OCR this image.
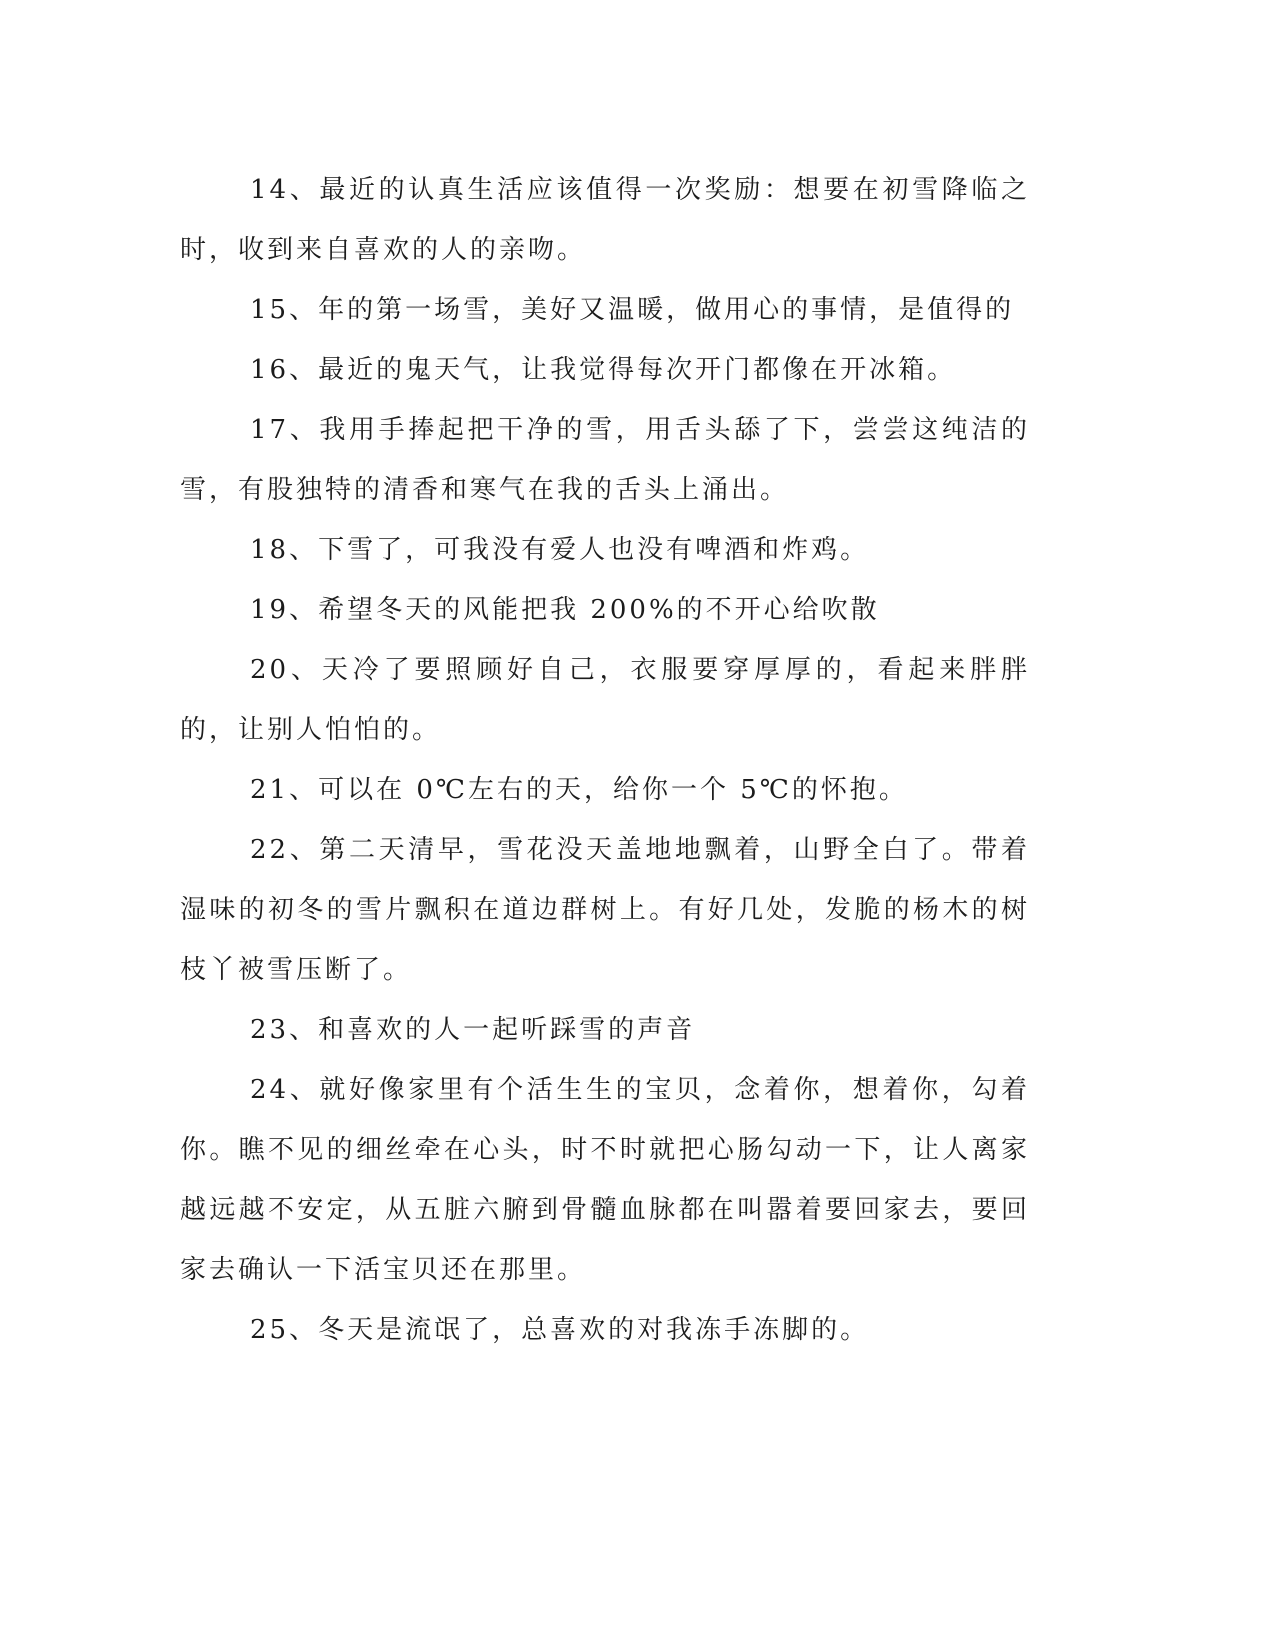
14、最近的认真生活应该值得一次奖励：想要在初雪降临之时，收到来自喜欢的人的亲吻。

15、年的第一场雪，美好又温暖，做用心的事情，是值得的

16、最近的鬼天气，让我觉得每次开门都像在开冰箱。

17、我用手捧起把干净的雪，用舌头舔了下，尝尝这纯洁的雪，有股独特的清香和寒气在我的舌头上涌出。

18、下雪了，可我没有爱人也没有啤酒和炸鸡。

19、希望冬天的风能把我 200%的不开心给吹散

20、天冷了要照顾好自己，衣服要穿厚厚的，看起来胖胖的，让别人怕怕的。

21、可以在 0℃左右的天，给你一个 5℃的怀抱。

22、第二天清早，雪花没天盖地地飘着，山野全白了。带着湿味的初冬的雪片飘积在道边群树上。有好几处，发脆的杨木的树枝丫被雪压断了。

23、和喜欢的人一起听踩雪的声音

24、就好像家里有个活生生的宝贝，念着你，想着你，勾着你。瞧不见的细丝牵在心头，时不时就把心肠勾动一下，让人离家越远越不安定，从五脏六腑到骨髓血脉都在叫嚣着要回家去，要回家去确认一下活宝贝还在那里。

25、冬天是流氓了，总喜欢的对我冻手冻脚的。
